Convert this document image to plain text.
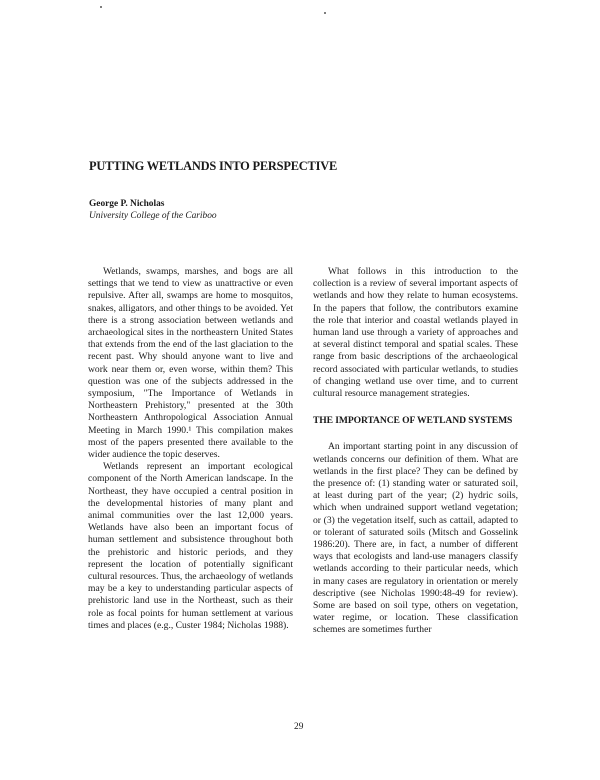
PUTTING WETLANDS INTO PERSPECTIVE
George P. Nicholas
University College of the Cariboo

Wetlands, swamps, marshes, and bogs are all settings that we tend to view as unattractive or even repulsive. After all, swamps are home to mosquitos, snakes, alligators, and other things to be avoided. Yet there is a strong association between wetlands and archaeological sites in the northeastern United States that extends from the end of the last glaciation to the recent past. Why should anyone want to live and work near them or, even worse, within them? This question was one of the subjects addressed in the symposium, "The Importance of Wetlands in Northeastern Prehistory," presented at the 30th Northeastern Anthropological Association Annual Meeting in March 1990.¹ This compilation makes most of the papers presented there available to the wider audience the topic deserves.

Wetlands represent an important ecological component of the North American landscape. In the Northeast, they have occupied a central position in the developmental histories of many plant and animal communities over the last 12,000 years. Wetlands have also been an important focus of human settlement and subsistence throughout both the prehistoric and historic periods, and they represent the location of potentially significant cultural resources. Thus, the archaeology of wetlands may be a key to understanding particular aspects of prehistoric land use in the Northeast, such as their role as focal points for human settlement at various times and places (e.g., Custer 1984; Nicholas 1988).

What follows in this introduction to the collection is a review of several important aspects of wetlands and how they relate to human ecosystems. In the papers that follow, the contributors examine the role that interior and coastal wetlands played in human land use through a variety of approaches and at several distinct temporal and spatial scales. These range from basic descriptions of the archaeological record associated with particular wetlands, to studies of changing wetland use over time, and to current cultural resource management strategies.

THE IMPORTANCE OF WETLAND SYSTEMS

An important starting point in any discussion of wetlands concerns our definition of them. What are wetlands in the first place? They can be defined by the presence of: (1) standing water or saturated soil, at least during part of the year; (2) hydric soils, which when undrained support wetland vegetation; or (3) the vegetation itself, such as cattail, adapted to or tolerant of saturated soils (Mitsch and Gosselink 1986:20). There are, in fact, a number of different ways that ecologists and land-use managers classify wetlands according to their particular needs, which in many cases are regulatory in orientation or merely descriptive (see Nicholas 1990:48-49 for review). Some are based on soil type, others on vegetation, water regime, or location. These classification schemes are sometimes further

29
